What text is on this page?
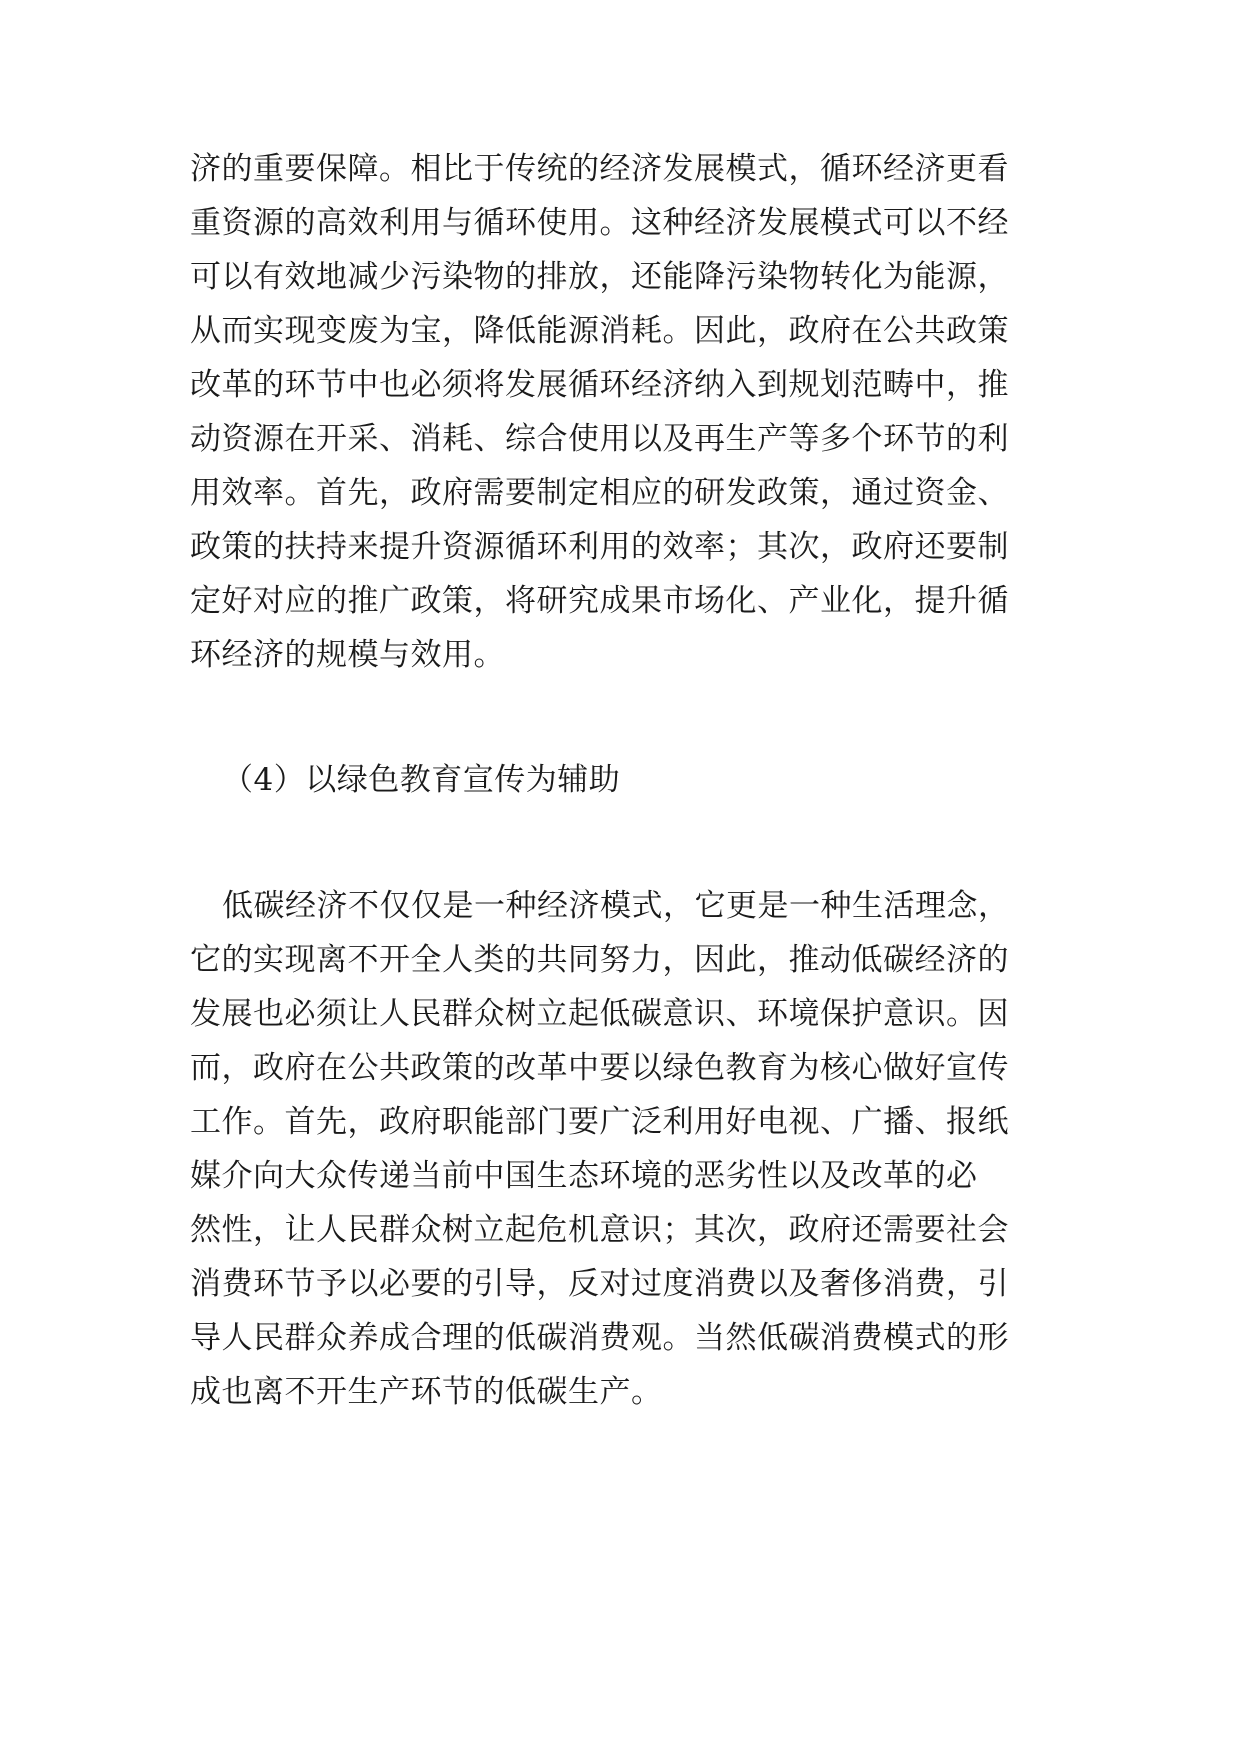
济的重要保障。相比于传统的经济发展模式，循环经济更看
重资源的高效利用与循环使用。这种经济发展模式可以不经
可以有效地减少污染物的排放，还能降污染物转化为能源，
从而实现变废为宝，降低能源消耗。因此，政府在公共政策
改革的环节中也必须将发展循环经济纳入到规划范畴中，推
动资源在开采、消耗、综合使用以及再生产等多个环节的利
用效率。首先，政府需要制定相应的研发政策，通过资金、
政策的扶持来提升资源循环利用的效率；其次，政府还要制
定好对应的推广政策，将研究成果市场化、产业化，提升循
环经济的规模与效用。
（4）以绿色教育宣传为辅助
低碳经济不仅仅是一种经济模式，它更是一种生活理念，
它的实现离不开全人类的共同努力，因此，推动低碳经济的
发展也必须让人民群众树立起低碳意识、环境保护意识。因
而，政府在公共政策的改革中要以绿色教育为核心做好宣传
工作。首先，政府职能部门要广泛利用好电视、广播、报纸
媒介向大众传递当前中国生态环境的恶劣性以及改革的必
然性，让人民群众树立起危机意识；其次，政府还需要社会
消费环节予以必要的引导，反对过度消费以及奢侈消费，引
导人民群众养成合理的低碳消费观。当然低碳消费模式的形
成也离不开生产环节的低碳生产。
